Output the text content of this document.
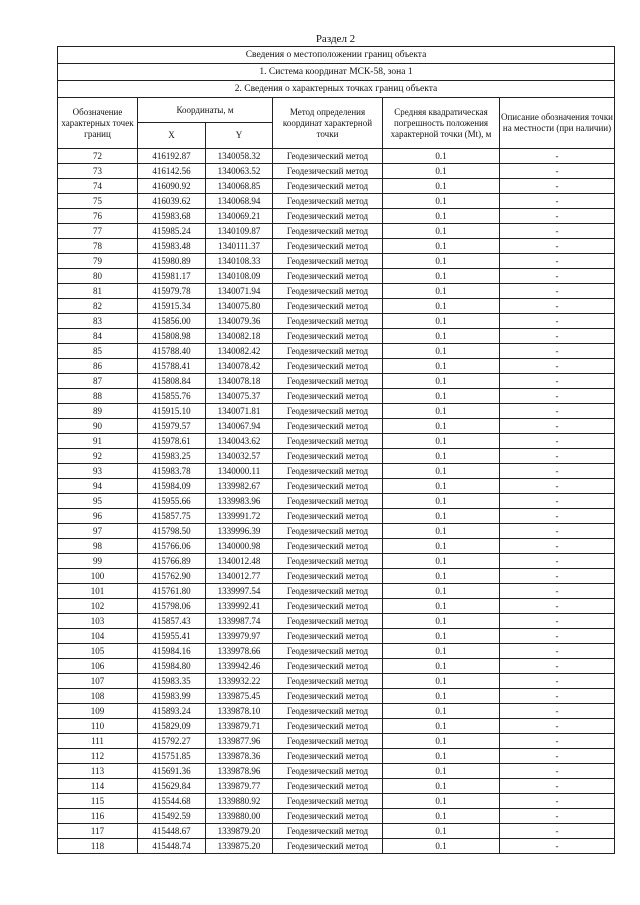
Раздел 2
Сведения о местоположении границ объекта					
1. Система координат МСК-58, зона 1					
2. Сведения о характерных точках границ объекта					
Обозначение характерных точек границ	Координаты, м		Метод определения координат характерной точки	Средняя квадратическая погрешность положения характерной точки (Mt), м	Описание обозначения точки на местности (при наличии)
	X	Y			
72	416192.87	1340058.32	Геодезический метод	0.1	-
73	416142.56	1340063.52	Геодезический метод	0.1	-
74	416090.92	1340068.85	Геодезический метод	0.1	-
75	416039.62	1340068.94	Геодезический метод	0.1	-
76	415983.68	1340069.21	Геодезический метод	0.1	-
77	415985.24	1340109.87	Геодезический метод	0.1	-
78	415983.48	1340111.37	Геодезический метод	0.1	-
79	415980.89	1340108.33	Геодезический метод	0.1	-
80	415981.17	1340108.09	Геодезический метод	0.1	-
81	415979.78	1340071.94	Геодезический метод	0.1	-
82	415915.34	1340075.80	Геодезический метод	0.1	-
83	415856.00	1340079.36	Геодезический метод	0.1	-
84	415808.98	1340082.18	Геодезический метод	0.1	-
85	415788.40	1340082.42	Геодезический метод	0.1	-
86	415788.41	1340078.42	Геодезический метод	0.1	-
87	415808.84	1340078.18	Геодезический метод	0.1	-
88	415855.76	1340075.37	Геодезический метод	0.1	-
89	415915.10	1340071.81	Геодезический метод	0.1	-
90	415979.57	1340067.94	Геодезический метод	0.1	-
91	415978.61	1340043.62	Геодезический метод	0.1	-
92	415983.25	1340032.57	Геодезический метод	0.1	-
93	415983.78	1340000.11	Геодезический метод	0.1	-
94	415984.09	1339982.67	Геодезический метод	0.1	-
95	415955.66	1339983.96	Геодезический метод	0.1	-
96	415857.75	1339991.72	Геодезический метод	0.1	-
97	415798.50	1339996.39	Геодезический метод	0.1	-
98	415766.06	1340000.98	Геодезический метод	0.1	-
99	415766.89	1340012.48	Геодезический метод	0.1	-
100	415762.90	1340012.77	Геодезический метод	0.1	-
101	415761.80	1339997.54	Геодезический метод	0.1	-
102	415798.06	1339992.41	Геодезический метод	0.1	-
103	415857.43	1339987.74	Геодезический метод	0.1	-
104	415955.41	1339979.97	Геодезический метод	0.1	-
105	415984.16	1339978.66	Геодезический метод	0.1	-
106	415984.80	1339942.46	Геодезический метод	0.1	-
107	415983.35	1339932.22	Геодезический метод	0.1	-
108	415983.99	1339875.45	Геодезический метод	0.1	-
109	415893.24	1339878.10	Геодезический метод	0.1	-
110	415829.09	1339879.71	Геодезический метод	0.1	-
111	415792.27	1339877.96	Геодезический метод	0.1	-
112	415751.85	1339878.36	Геодезический метод	0.1	-
113	415691.36	1339878.96	Геодезический метод	0.1	-
114	415629.84	1339879.77	Геодезический метод	0.1	-
115	415544.68	1339880.92	Геодезический метод	0.1	-
116	415492.59	1339880.00	Геодезический метод	0.1	-
117	415448.67	1339879.20	Геодезический метод	0.1	-
118	415448.74	1339875.20	Геодезический метод	0.1	-
